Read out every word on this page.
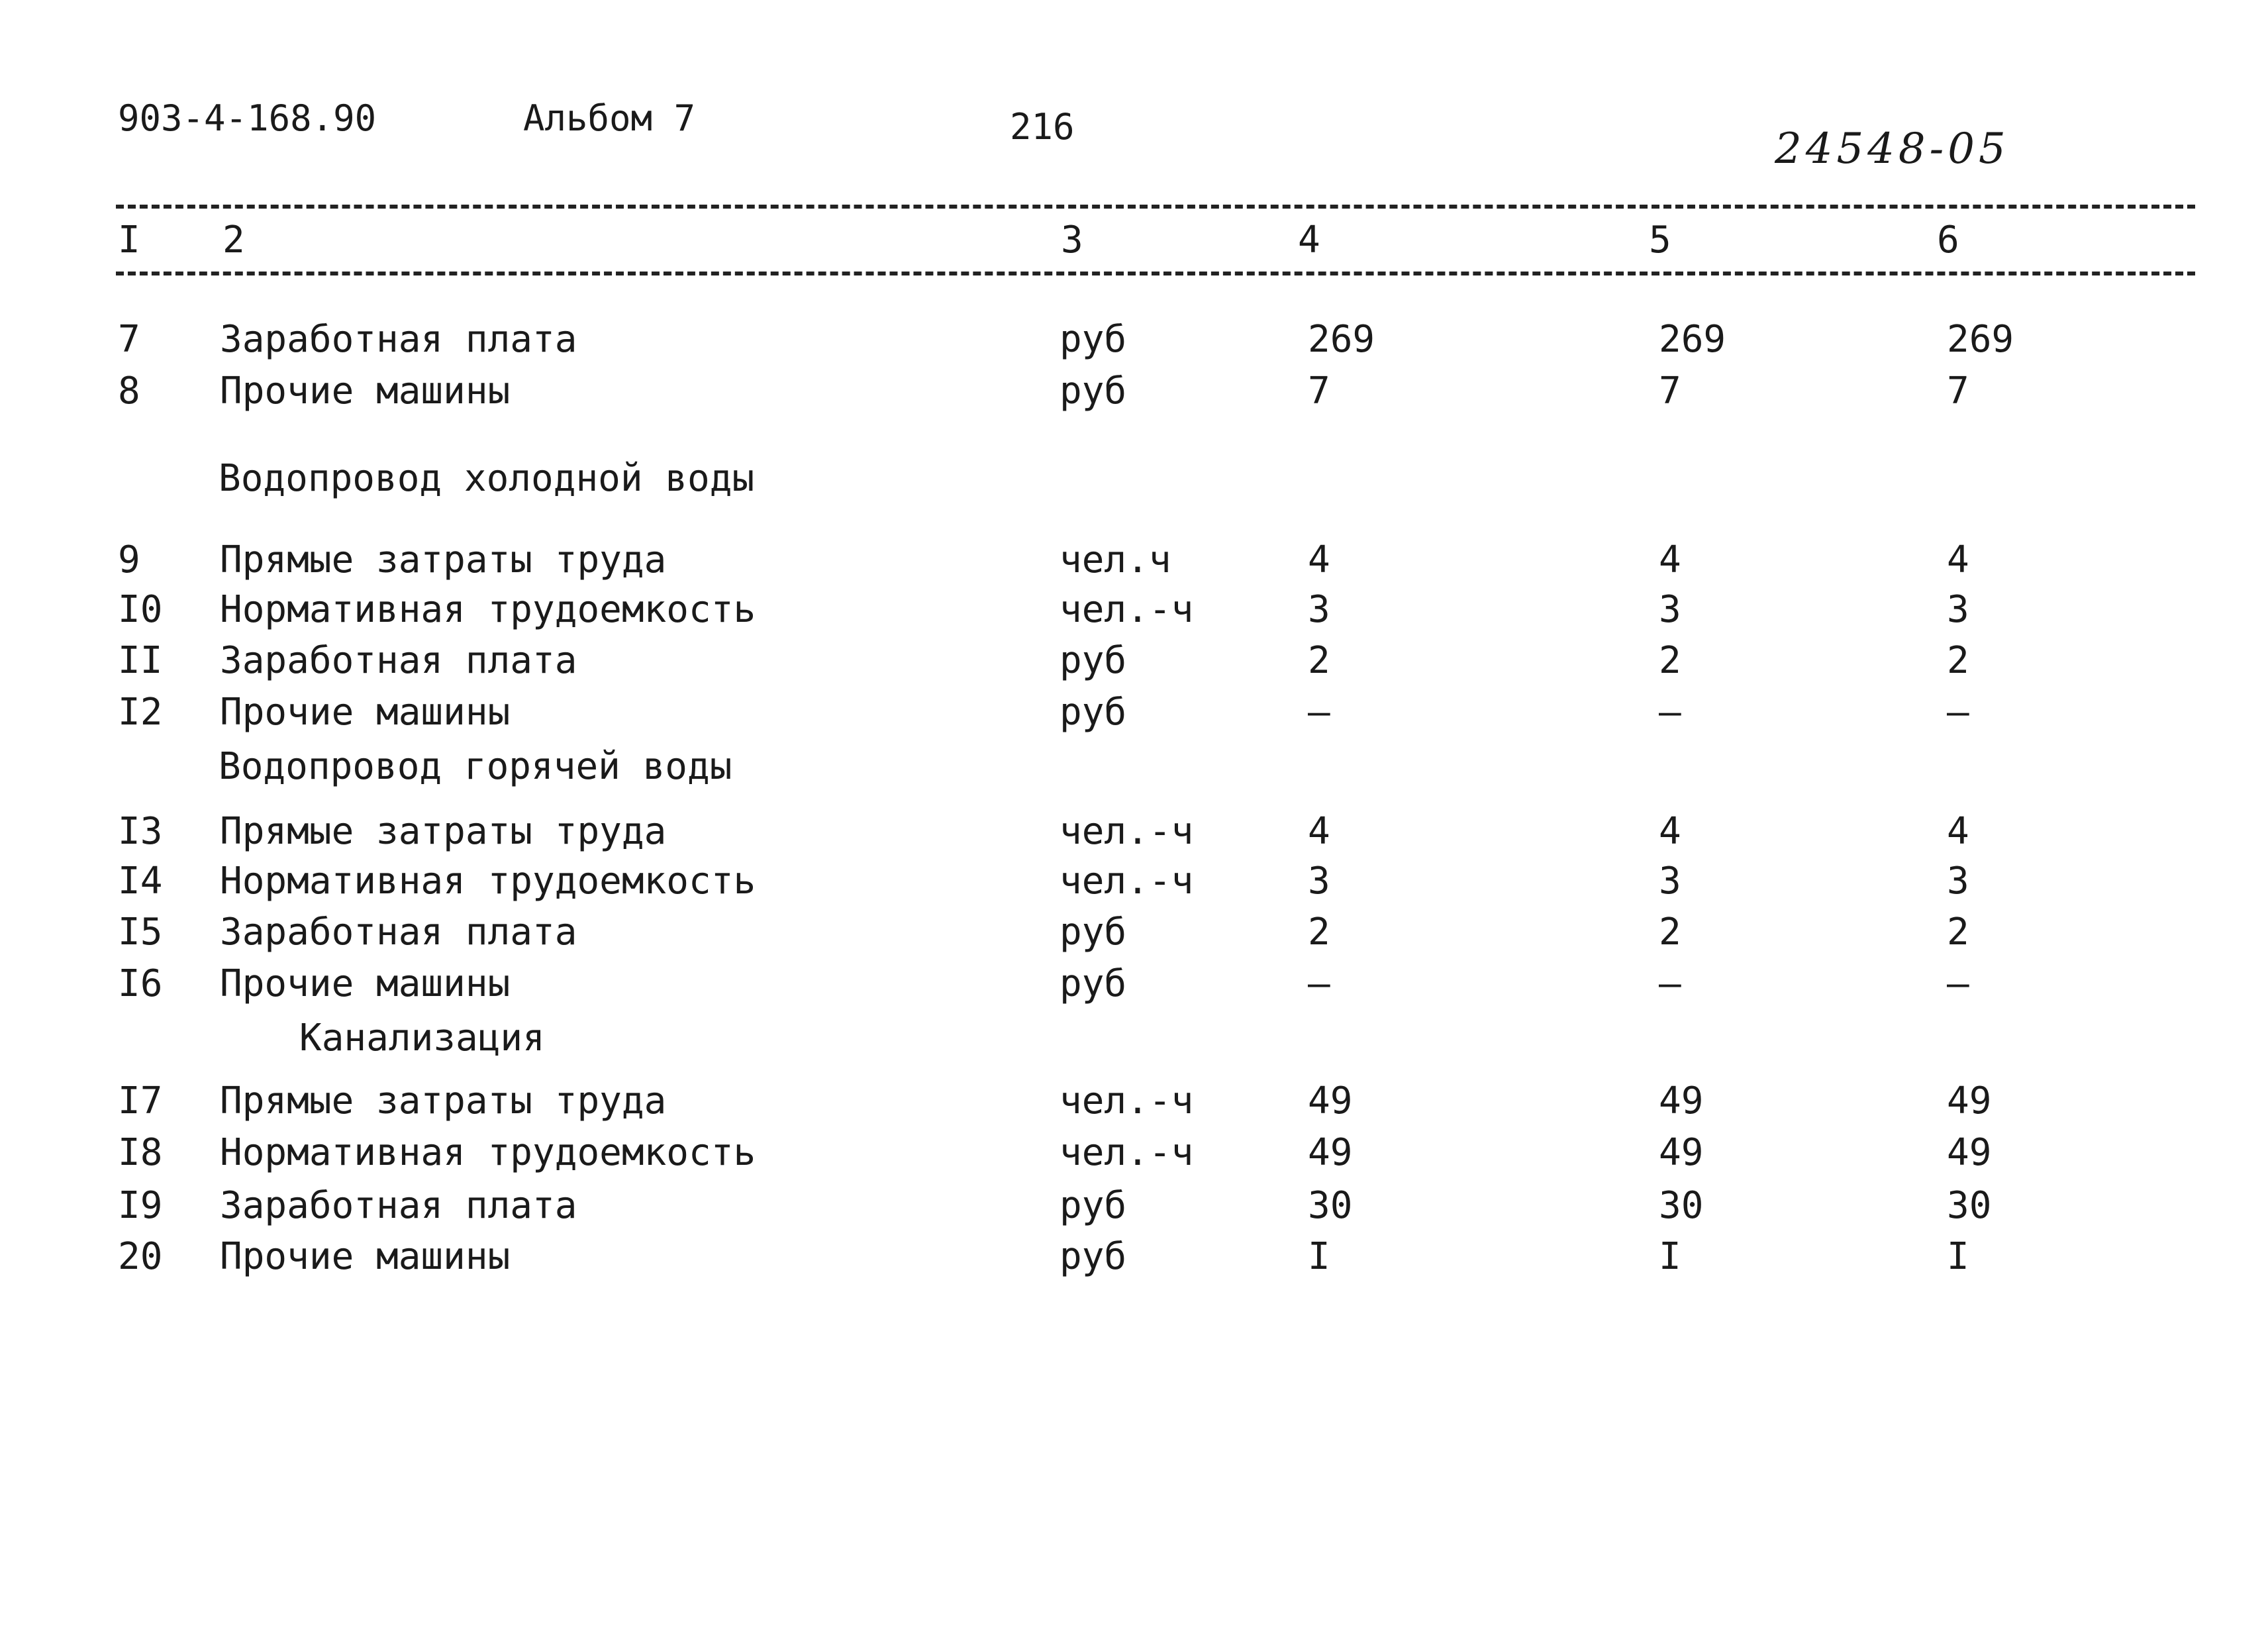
903-4-168.90	Альбом 7	216	24548-05
I 2	3	4	5	6
7 Заработная плата	руб	269	269	269
8 Прочие машины	руб	7	7	7
Водопровод холодной воды
9 Прямые затраты труда	чел.ч	4	4	4
I0 Нормативная трудоемкость	чел.-ч	3	3	3
II Заработная плата	руб	2	2	2
I2 Прочие машины	руб	–	–	–
Водопровод горячей воды
I3 Прямые затраты труда	чел.-ч	4	4	4
I4 Нормативная трудоемкость	чел.-ч	3	3	3
I5 Заработная плата	руб	2	2	2
I6 Прочие машины	руб	–	–	–
Канализация
I7 Прямые затраты труда	чел.-ч	49	49	49
I8 Нормативная трудоемкость	чел.-ч	49	49	49
I9 Заработная плата	руб	30	30	30
20 Прочие машины	руб	I	I	I
